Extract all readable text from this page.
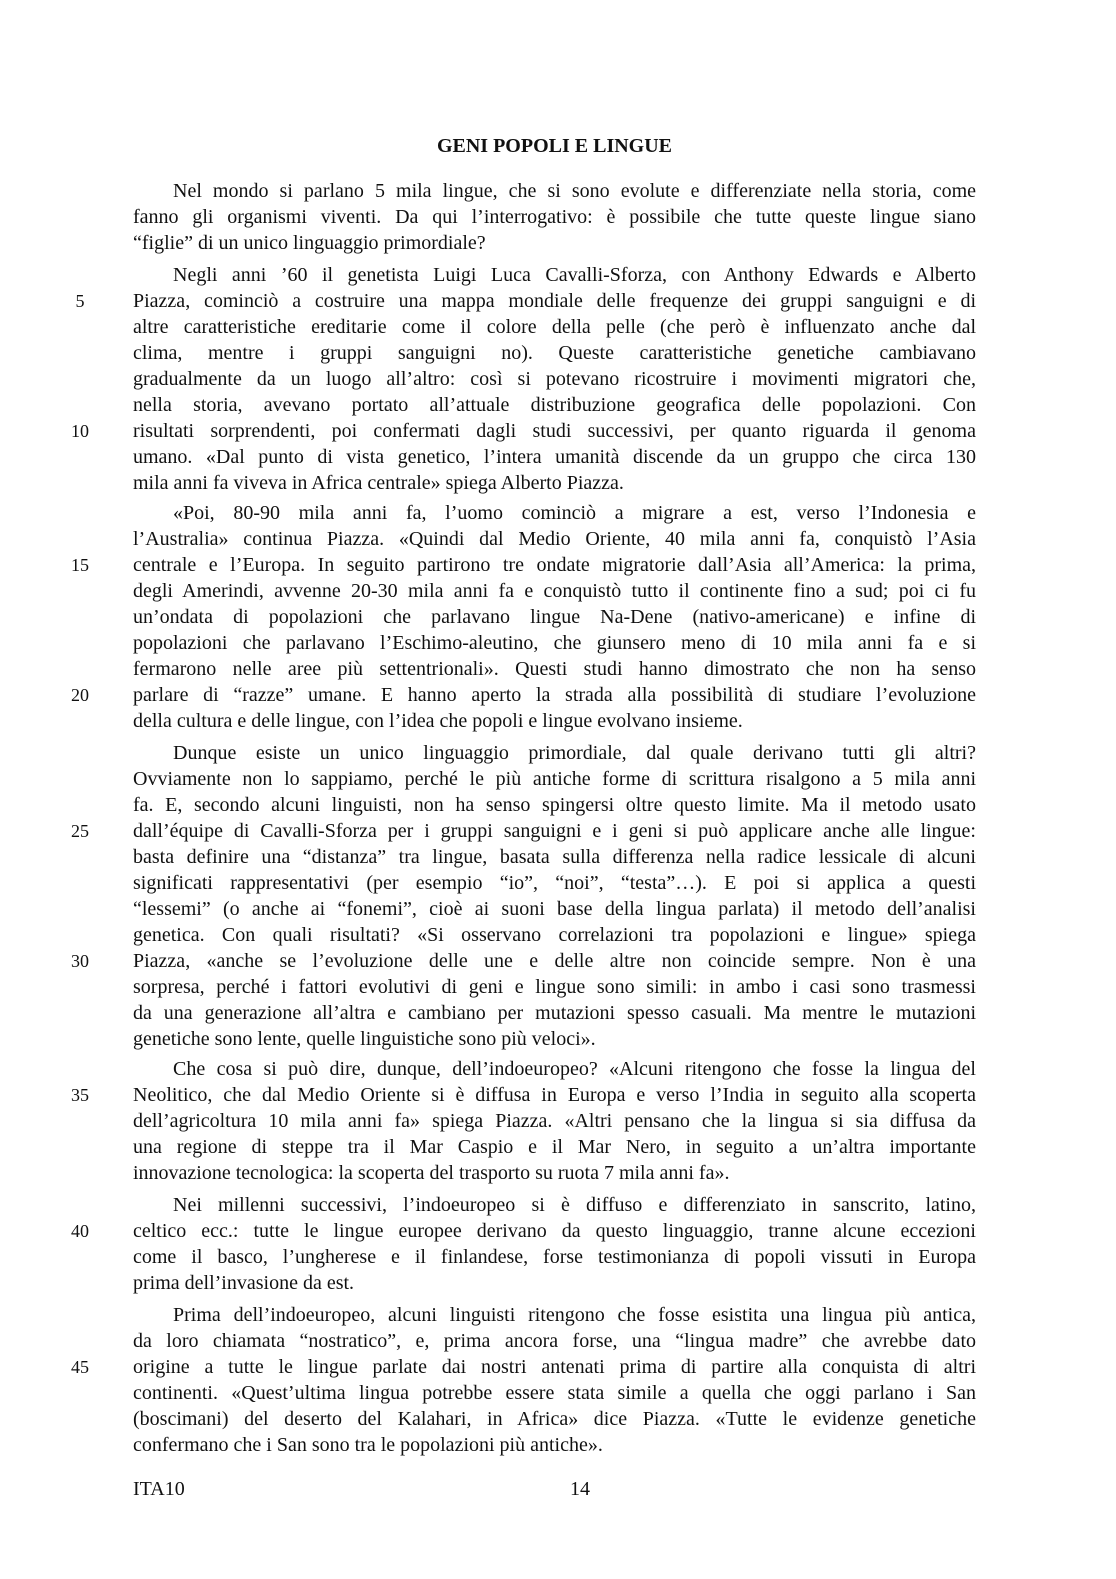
GENI POPOLI E LINGUE
Nel mondo si parlano 5 mila lingue, che si sono evolute e differenziate nella storia, come
fanno gli organismi viventi. Da qui l’interrogativo: è possibile che tutte queste lingue siano
“figlie” di un unico linguaggio primordiale?
Negli anni ’60 il genetista Luigi Luca Cavalli-Sforza, con Anthony Edwards e Alberto
Piazza, cominciò a costruire una mappa mondiale delle frequenze dei gruppi sanguigni e di
altre caratteristiche ereditarie come il colore della pelle (che però è influenzato anche dal
clima, mentre i gruppi sanguigni no). Queste caratteristiche genetiche cambiavano
gradualmente da un luogo all’altro: così si potevano ricostruire i movimenti migratori che,
nella storia, avevano portato all’attuale distribuzione geografica delle popolazioni. Con
risultati sorprendenti, poi confermati dagli studi successivi, per quanto riguarda il genoma
umano. «Dal punto di vista genetico, l’intera umanità discende da un gruppo che circa 130
mila anni fa viveva in Africa centrale» spiega Alberto Piazza.
«Poi, 80-90 mila anni fa, l’uomo cominciò a migrare a est, verso l’Indonesia e
l’Australia» continua Piazza. «Quindi dal Medio Oriente, 40 mila anni fa, conquistò l’Asia
centrale e l’Europa. In seguito partirono tre ondate migratorie dall’Asia all’America: la prima,
degli Amerindi, avvenne 20-30 mila anni fa e conquistò tutto il continente fino a sud; poi ci fu
un’ondata di popolazioni che parlavano lingue Na-Dene (nativo-americane) e infine di
popolazioni che parlavano l’Eschimo-aleutino, che giunsero meno di 10 mila anni fa e si
fermarono nelle aree più settentrionali». Questi studi hanno dimostrato che non ha senso
parlare di “razze” umane. E hanno aperto la strada alla possibilità di studiare l’evoluzione
della cultura e delle lingue, con l’idea che popoli e lingue evolvano insieme.
Dunque esiste un unico linguaggio primordiale, dal quale derivano tutti gli altri?
Ovviamente non lo sappiamo, perché le più antiche forme di scrittura risalgono a 5 mila anni
fa. E, secondo alcuni linguisti, non ha senso spingersi oltre questo limite. Ma il metodo usato
dall’équipe di Cavalli-Sforza per i gruppi sanguigni e i geni si può applicare anche alle lingue:
basta definire una “distanza” tra lingue, basata sulla differenza nella radice lessicale di alcuni
significati rappresentativi (per esempio “io”, “noi”, “testa”…). E poi si applica a questi
“lessemi” (o anche ai “fonemi”, cioè ai suoni base della lingua parlata) il metodo dell’analisi
genetica. Con quali risultati? «Si osservano correlazioni tra popolazioni e lingue» spiega
Piazza, «anche se l’evoluzione delle une e delle altre non coincide sempre. Non è una
sorpresa, perché i fattori evolutivi di geni e lingue sono simili: in ambo i casi sono trasmessi
da una generazione all’altra e cambiano per mutazioni spesso casuali. Ma mentre le mutazioni
genetiche sono lente, quelle linguistiche sono più veloci».
Che cosa si può dire, dunque, dell’indoeuropeo? «Alcuni ritengono che fosse la lingua del
Neolitico, che dal Medio Oriente si è diffusa in Europa e verso l’India in seguito alla scoperta
dell’agricoltura 10 mila anni fa» spiega Piazza. «Altri pensano che la lingua si sia diffusa da
una regione di steppe tra il Mar Caspio e il Mar Nero, in seguito a un’altra importante
innovazione tecnologica: la scoperta del trasporto su ruota 7 mila anni fa».
Nei millenni successivi, l’indoeuropeo si è diffuso e differenziato in sanscrito, latino,
celtico ecc.: tutte le lingue europee derivano da questo linguaggio, tranne alcune eccezioni
come il basco, l’ungherese e il finlandese, forse testimonianza di popoli vissuti in Europa
prima dell’invasione da est.
Prima dell’indoeuropeo, alcuni linguisti ritengono che fosse esistita una lingua più antica,
da loro chiamata “nostratico”, e, prima ancora forse, una “lingua madre” che avrebbe dato
origine a tutte le lingue parlate dai nostri antenati prima di partire alla conquista di altri
continenti. «Quest’ultima lingua potrebbe essere stata simile a quella che oggi parlano i San
(boscimani) del deserto del Kalahari, in Africa» dice Piazza. «Tutte le evidenze genetiche
confermano che i San sono tra le popolazioni più antiche».
5
10
15
20
25
30
35
40
45
ITA10	14
